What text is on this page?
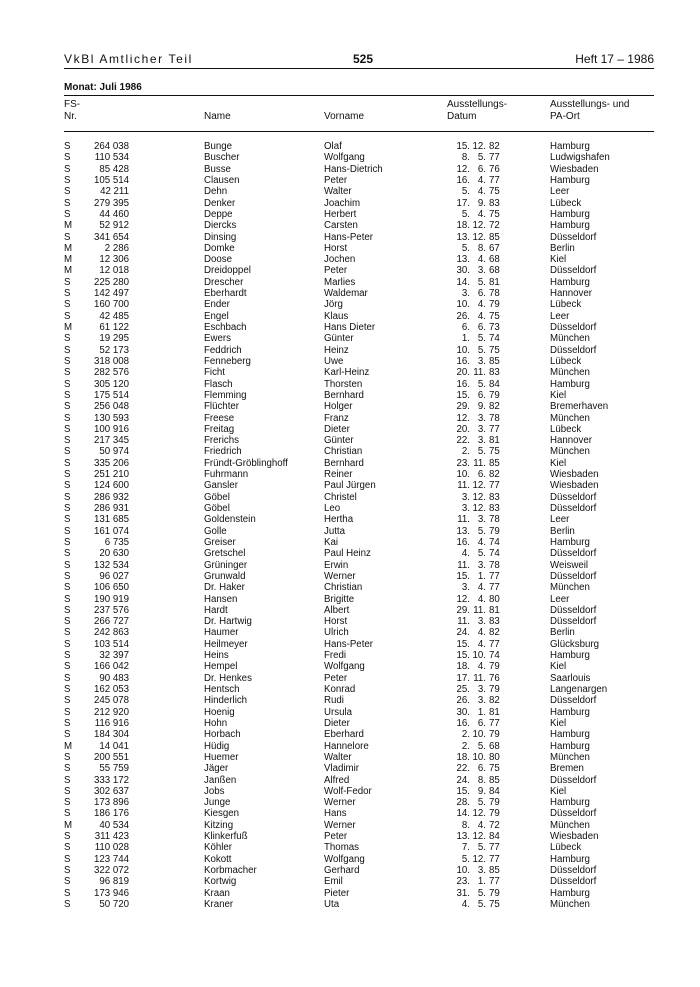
VkBl Amtlicher Teil	525	Heft 17 – 1986
Monat: Juli 1986
FS-
Nr.	Name	Vorname
Ausstellungs-
Datum
Ausstellungs- und
PA-Ort
S	264 038	Bunge	Olaf	15. 12. 82	Hamburg
S	110 534	Buscher	Wolfgang	8. 5. 77	Ludwigshafen
S	85 428	Busse	Hans-Dietrich	12. 6. 76	Wiesbaden
S	105 514	Clausen	Peter	16. 4. 77	Hamburg
S	42 211	Dehn	Walter	5. 4. 75	Leer
S	279 395	Denker	Joachim	17. 9. 83	Lübeck
S	44 460	Deppe	Herbert	5. 4. 75	Hamburg
M	52 912	Diercks	Carsten	18. 12. 72	Hamburg
S	341 654	Dinsing	Hans-Peter	13. 12. 85	Düsseldorf
M	2 286	Domke	Horst	5. 8. 67	Berlin
M	12 306	Doose	Jochen	13. 4. 68	Kiel
M	12 018	Dreidoppel	Peter	30. 3. 68	Düsseldorf
S	225 280	Drescher	Marlies	14. 5. 81	Hamburg
S	142 497	Eberhardt	Waldemar	3. 6. 78	Hannover
S	160 700	Ender	Jörg	10. 4. 79	Lübeck
S	42 485	Engel	Klaus	26. 4. 75	Leer
M	61 122	Eschbach	Hans Dieter	6. 6. 73	Düsseldorf
S	19 295	Ewers	Günter	1. 5. 74	München
S	52 173	Feddrich	Heinz	10. 5. 75	Düsseldorf
S	318 008	Fenneberg	Uwe	16. 3. 85	Lübeck
S	282 576	Ficht	Karl-Heinz	20. 11. 83	München
S	305 120	Flasch	Thorsten	16. 5. 84	Hamburg
S	175 514	Flemming	Bernhard	15. 6. 79	Kiel
S	256 048	Flüchter	Holger	29. 9. 82	Bremerhaven
S	130 593	Freese	Franz	12. 3. 78	München
S	100 916	Freitag	Dieter	20. 3. 77	Lübeck
S	217 345	Frerichs	Günter	22. 3. 81	Hannover
S	50 974	Friedrich	Christian	2. 5. 75	München
S	335 206	Fründt-Gröblinghoff	Bernhard	23. 11. 85	Kiel
S	251 210	Fuhrmann	Reiner	10. 6. 82	Wiesbaden
S	124 600	Gansler	Paul Jürgen	11. 12. 77	Wiesbaden
S	286 932	Göbel	Christel	3. 12. 83	Düsseldorf
S	286 931	Göbel	Leo	3. 12. 83	Düsseldorf
S	131 685	Goldenstein	Hertha	11. 3. 78	Leer
S	161 074	Golle	Jutta	13. 5. 79	Berlin
S	6 735	Greiser	Kai	16. 4. 74	Hamburg
S	20 630	Gretschel	Paul Heinz	4. 5. 74	Düsseldorf
S	132 534	Grüninger	Erwin	11. 3. 78	Weisweil
S	96 027	Grunwald	Werner	15. 1. 77	Düsseldorf
S	106 650	Dr. Haker	Christian	3. 4. 77	München
S	190 919	Hansen	Brigitte	12. 4. 80	Leer
S	237 576	Hardt	Albert	29. 11. 81	Düsseldorf
S	266 727	Dr. Hartwig	Horst	11. 3. 83	Düsseldorf
S	242 863	Haumer	Ulrich	24. 4. 82	Berlin
S	103 514	Heilmeyer	Hans-Peter	15. 4. 77	Glücksburg
S	32 397	Heins	Fredi	15. 10. 74	Hamburg
S	166 042	Hempel	Wolfgang	18. 4. 79	Kiel
S	90 483	Dr. Henkes	Peter	17. 11. 76	Saarlouis
S	162 053	Hentsch	Konrad	25. 3. 79	Langenargen
S	245 078	Hinderlich	Rudi	26. 3. 82	Düsseldorf
S	212 920	Hoenig	Ursula	30. 1. 81	Hamburg
S	116 916	Hohn	Dieter	16. 6. 77	Kiel
S	184 304	Horbach	Eberhard	2. 10. 79	Hamburg
M	14 041	Hüdig	Hannelore	2. 5. 68	Hamburg
S	200 551	Huemer	Walter	18. 10. 80	München
S	55 759	Jäger	Vladimir	22. 6. 75	Bremen
S	333 172	Janßen	Alfred	24. 8. 85	Düsseldorf
S	302 637	Jobs	Wolf-Fedor	15. 9. 84	Kiel
S	173 896	Junge	Werner	28. 5. 79	Hamburg
S	186 176	Kiesgen	Hans	14. 12. 79	Düsseldorf
M	40 534	Kitzing	Werner	8. 4. 72	München
S	311 423	Klinkerfuß	Peter	13. 12. 84	Wiesbaden
S	110 028	Köhler	Thomas	7. 5. 77	Lübeck
S	123 744	Kokott	Wolfgang	5. 12. 77	Hamburg
S	322 072	Korbmacher	Gerhard	10. 3. 85	Düsseldorf
S	96 819	Kortwig	Emil	23. 1. 77	Düsseldorf
S	173 946	Kraan	Pieter	31. 5. 79	Hamburg
S	50 720	Kraner	Uta	4. 5. 75	München
